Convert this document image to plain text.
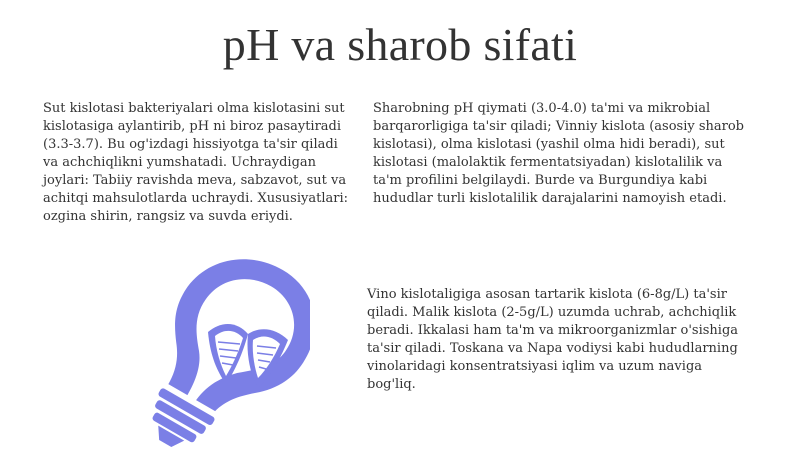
pH va sharob sifati
Sut kislotasi bakteriyalari olma kislotasini sut kislotasiga aylantirib, pH ni biroz pasaytiradi (3.3-3.7). Bu og'izdagi hissiyotga ta'sir qiladi va achchiqlikni yumshatadi. Uchraydigan joylari: Tabiiy ravishda meva, sabzavot, sut va achitqi mahsulotlarda uchraydi. Xususiyatlari: ozgina shirin, rangsiz va suvda eriydi.
Sharobning pH qiymati (3.0-4.0) ta'mi va mikrobial barqarorligiga ta'sir qiladi; Vinniy kislota (asosiy sharob kislotasi), olma kislotasi (yashil olma hidi beradi), sut kislotasi (malolaktik fermentatsiyadan) kislotalilik va ta'm profilini belgilaydi. Burde va Burgundiya kabi hududlar turli kislotalilik darajalarini namoyish etadi.
Vino kislotaligiga asosan tartarik kislota (6-8g/L) ta'sir qiladi. Malik kislota (2-5g/L) uzumda uchrab, achchiqlik beradi. Ikkalasi ham ta'm va mikroorganizmlar o'sishiga ta'sir qiladi. Toskana va Napa vodiysi kabi hududlarning vinolaridagi konsentratsiyasi iqlim va uzum naviga bog'liq.
